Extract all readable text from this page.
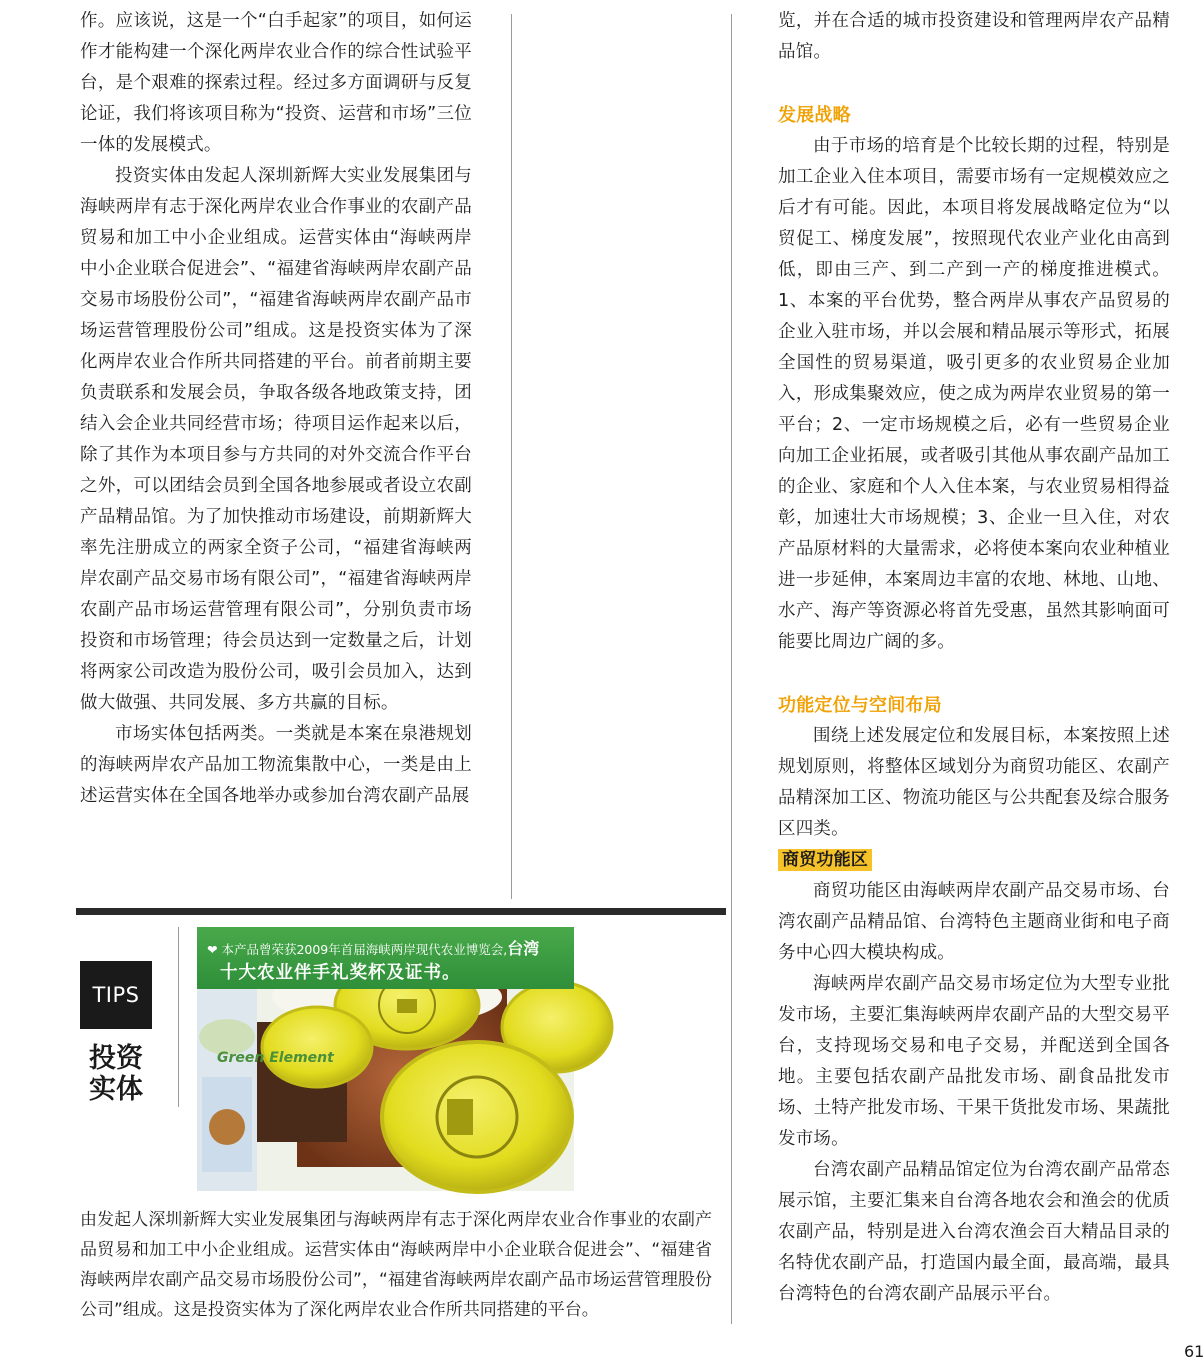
作。应该说，这是一个“白手起家”的项目，如何运作才能构建一个深化两岸农业合作的综合性试验平台，是个艰难的探索过程。经过多方面调研与反复论证，我们将该项目称为“投资、运营和市场”三位一体的发展模式。

投资实体由发起人深圳新辉大实业发展集团与海峡两岸有志于深化两岸农业合作事业的农副产品贸易和加工中小企业组成。运营实体由“海峡两岸中小企业联合促进会”、“福建省海峡两岸农副产品交易市场股份公司”，“福建省海峡两岸农副产品市场运营管理股份公司”组成。这是投资实体为了深化两岸农业合作所共同搭建的平台。前者前期主要负责联系和发展会员，争取各级各地政策支持，团结入会企业共同经营市场；待项目运作起来以后，除了其作为本项目参与方共同的对外交流合作平台之外，可以团结会员到全国各地参展或者设立农副产品精品馆。为了加快推动市场建设，前期新辉大率先注册成立的两家全资子公司，“福建省海峡两岸农副产品交易市场有限公司”，“福建省海峡两岸农副产品市场运营管理有限公司”，分别负责市场投资和市场管理；待会员达到一定数量之后，计划将两家公司改造为股份公司，吸引会员加入，达到做大做强、共同发展、多方共赢的目标。

市场实体包括两类。一类就是本案在泉港规划的海峡两岸农产品加工物流集散中心，一类是由上述运营实体在全国各地举办或参加台湾农副产品展

览，并在合适的城市投资建设和管理两岸农产品精品馆。

发展战略

由于市场的培育是个比较长期的过程，特别是加工企业入住本项目，需要市场有一定规模效应之后才有可能。因此，本项目将发展战略定位为“以贸促工、梯度发展”，按照现代农业产业化由高到低，即由三产、到二产到一产的梯度推进模式。1、本案的平台优势，整合两岸从事农产品贸易的企业入驻市场，并以会展和精品展示等形式，拓展全国性的贸易渠道，吸引更多的农业贸易企业加入，形成集聚效应，使之成为两岸农业贸易的第一平台；2、一定市场规模之后，必有一些贸易企业向加工企业拓展，或者吸引其他从事农副产品加工的企业、家庭和个人入住本案，与农业贸易相得益彰，加速壮大市场规模；3、企业一旦入住，对农产品原材料的大量需求，必将使本案向农业种植业进一步延伸，本案周边丰富的农地、林地、山地、水产、海产等资源必将首先受惠，虽然其影响面可能要比周边广阔的多。

功能定位与空间布局

围绕上述发展定位和发展目标，本案按照上述规划原则，将整体区域划分为商贸功能区、农副产品精深加工区、物流功能区与公共配套及综合服务区四类。

商贸功能区

商贸功能区由海峡两岸农副产品交易市场、台湾农副产品精品馆、台湾特色主题商业街和电子商务中心四大模块构成。

海峡两岸农副产品交易市场定位为大型专业批发市场，主要汇集海峡两岸农副产品的大型交易平台，支持现场交易和电子交易，并配送到全国各地。主要包括农副产品批发市场、副食品批发市场、土特产批发市场、干果干货批发市场、果蔬批发市场。

台湾农副产品精品馆定位为台湾农副产品常态展示馆，主要汇集来自台湾各地农会和渔会的优质农副产品，特别是进入台湾农渔会百大精品目录的名特优农副产品，打造国内最全面，最高端，最具台湾特色的台湾农副产品展示平台。

TIPS
投资实体
Green Element
❤ 本产品曾荣获2009年首届海峡两岸现代农业博览会,台湾
十大农业伴手礼奖杯及证书。
由发起人深圳新辉大实业发展集团与海峡两岸有志于深化两岸农业合作事业的农副产品贸易和加工中小企业组成。运营实体由“海峡两岸中小企业联合促进会”、“福建省海峡两岸农副产品交易市场股份公司”，“福建省海峡两岸农副产品市场运营管理股份公司”组成。这是投资实体为了深化两岸农业合作所共同搭建的平台。
61
